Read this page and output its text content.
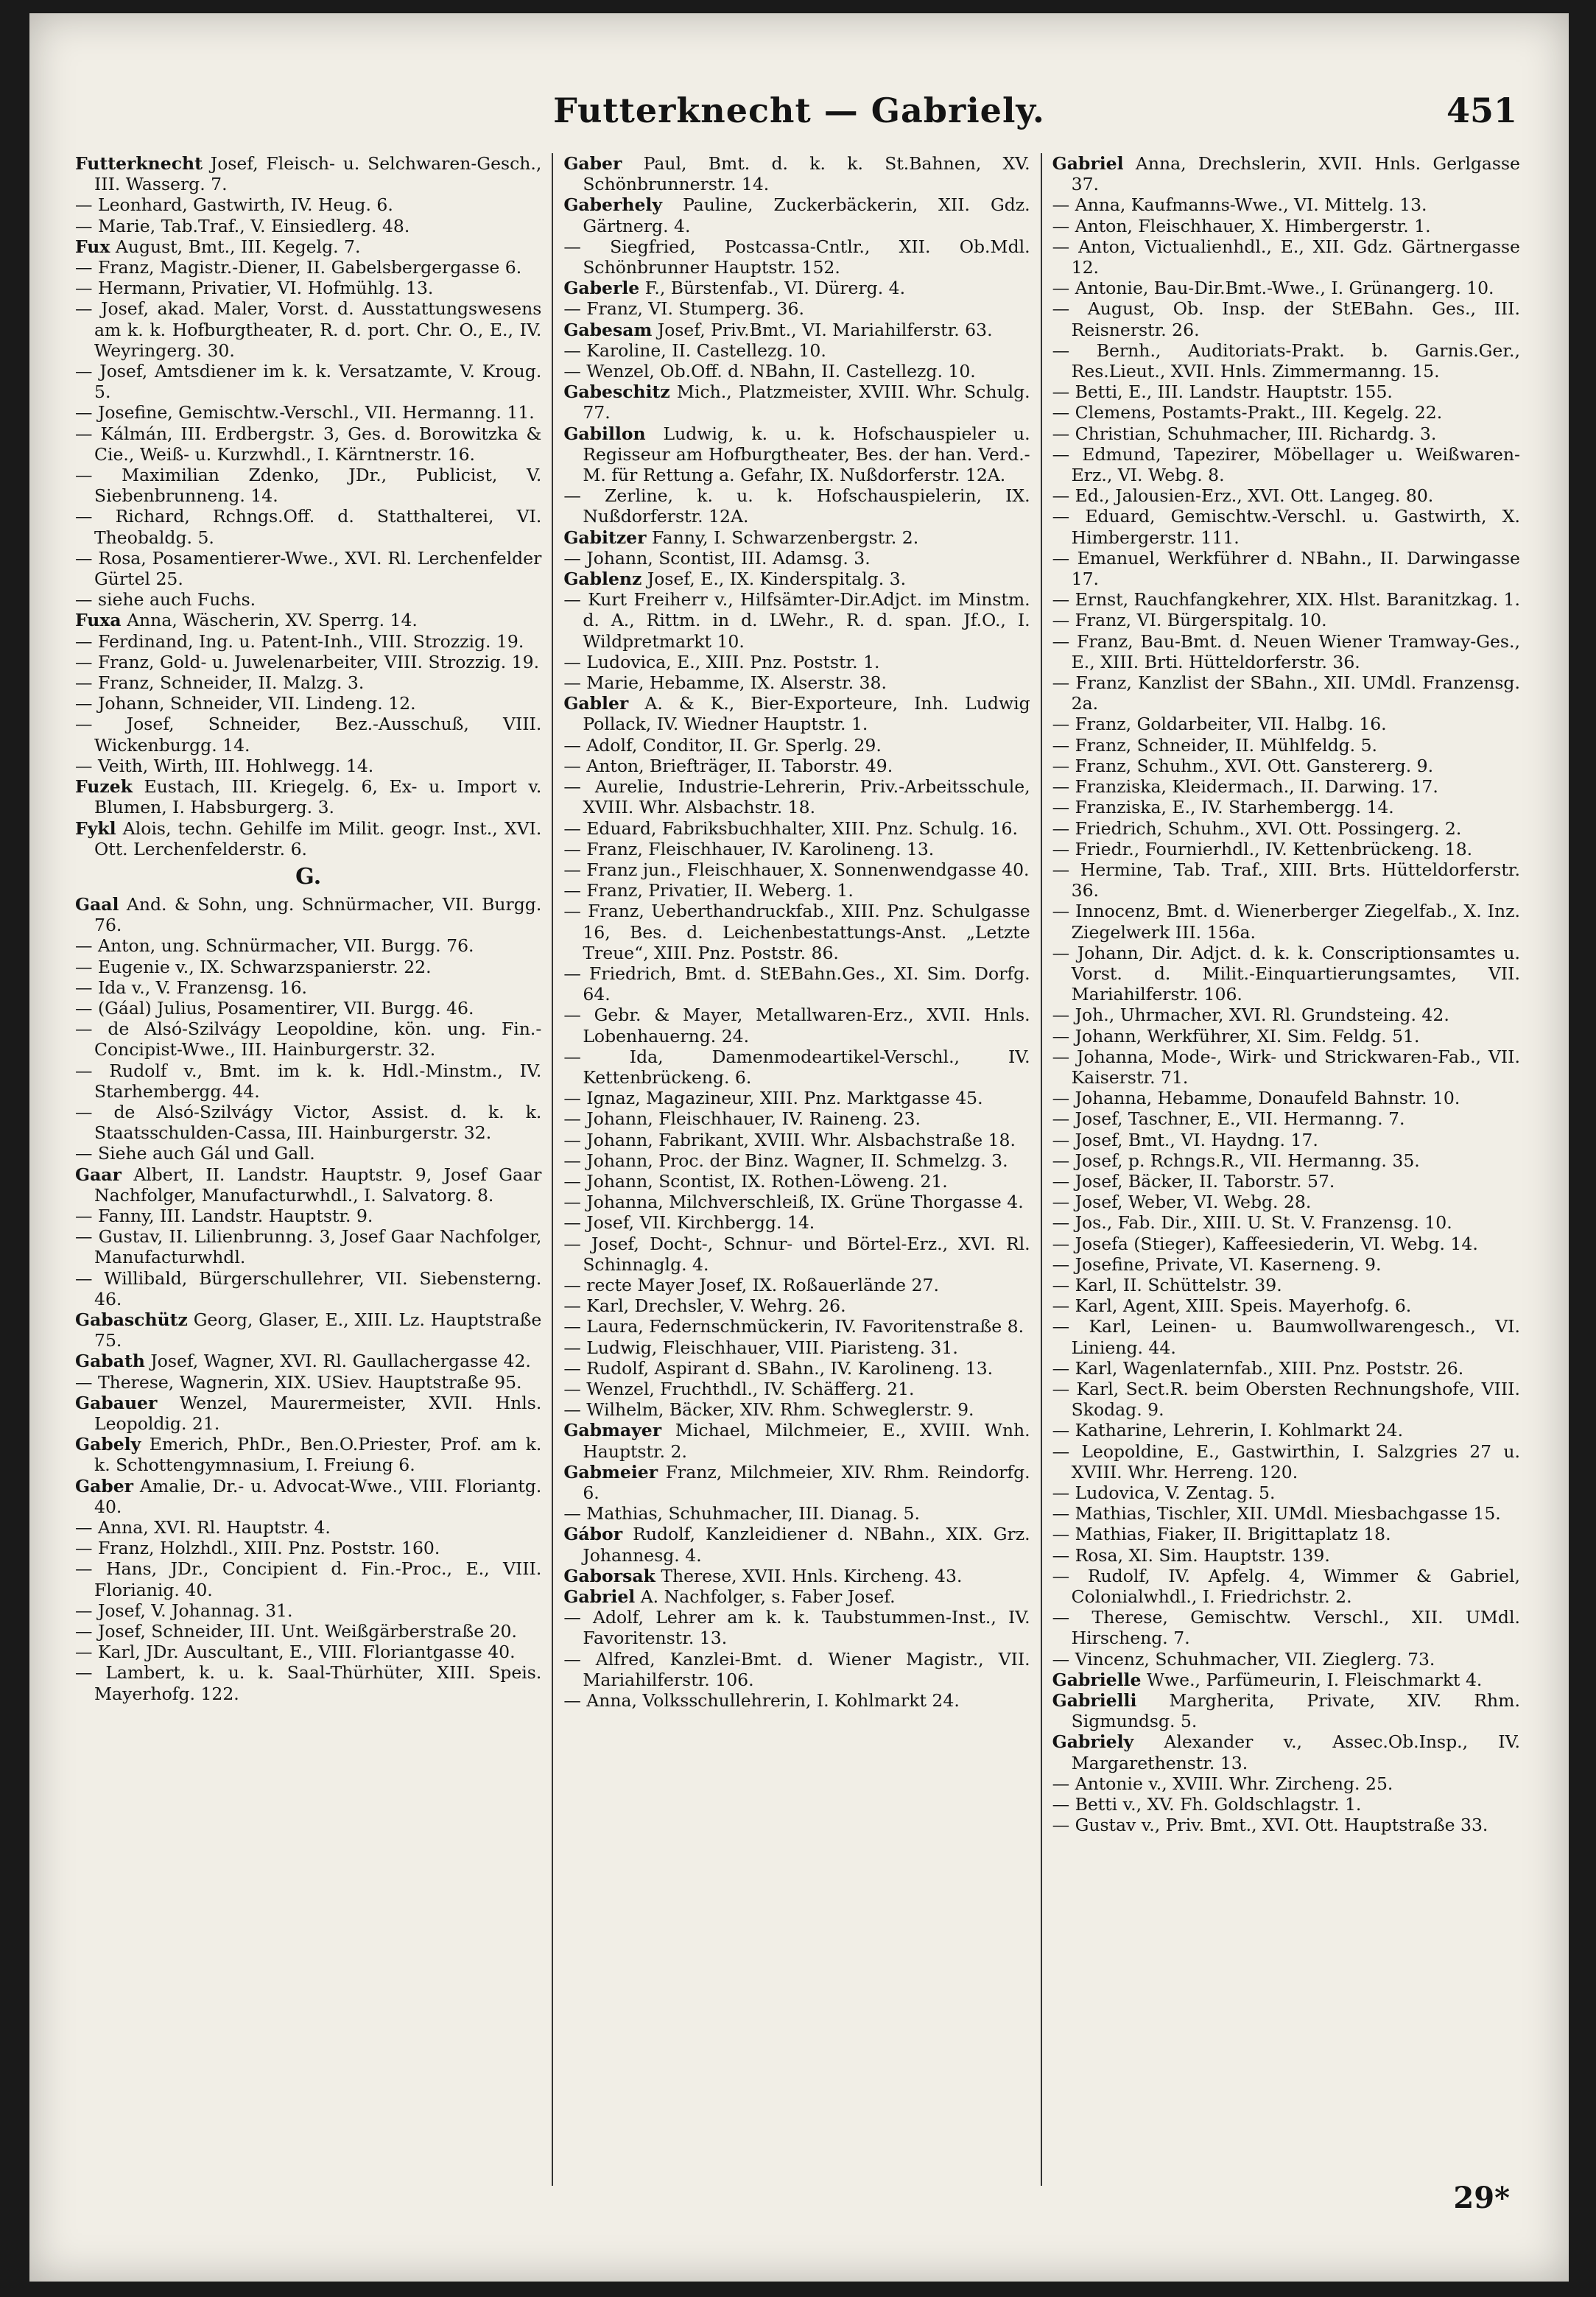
Futterknecht — Gabriely.	451
Futterknecht Josef, Fleisch- u. Selchwaren-Gesch., III. Wasserg. 7.
— Leonhard, Gastwirth, IV. Heug. 6.
— Marie, Tab.Traf., V. Einsiedlerg. 48.
Fux August, Bmt., III. Kegelg. 7.
— Franz, Magistr.-Diener, II. Gabelsbergergasse 6.
— Hermann, Privatier, VI. Hofmühlg. 13.
— Josef, akad. Maler, Vorst. d. Ausstattungswesens am k. k. Hofburgtheater, R. d. port. Chr. O., E., IV. Weyringerg. 30.
— Josef, Amtsdiener im k. k. Versatzamte, V. Kroug. 5.
— Josefine, Gemischtw.-Verschl., VII. Hermanng. 11.
— Kálmán, III. Erdbergstr. 3, Ges. d. Borowitzka & Cie., Weiß- u. Kurzwhdl., I. Kärntnerstr. 16.
— Maximilian Zdenko, JDr., Publicist, V. Siebenbrunneng. 14.
— Richard, Rchngs.Off. d. Statthalterei, VI. Theobaldg. 5.
— Rosa, Posamentierer-Wwe., XVI. Rl. Lerchenfelder Gürtel 25.
— siehe auch Fuchs.
Fuxa Anna, Wäscherin, XV. Sperrg. 14.
— Ferdinand, Ing. u. Patent-Inh., VIII. Strozzig. 19.
— Franz, Gold- u. Juwelenarbeiter, VIII. Strozzig. 19.
— Franz, Schneider, II. Malzg. 3.
— Johann, Schneider, VII. Lindeng. 12.
— Josef, Schneider, Bez.-Ausschuß, VIII. Wickenburgg. 14.
— Veith, Wirth, III. Hohlwegg. 14.
Fuzek Eustach, III. Kriegelg. 6, Ex- u. Import v. Blumen, I. Habsburgerg. 3.
Fykl Alois, techn. Gehilfe im Milit. geogr. Inst., XVI. Ott. Lerchenfelderstr. 6.
G.
Gaal And. & Sohn, ung. Schnürmacher, VII. Burgg. 76.
— Anton, ung. Schnürmacher, VII. Burgg. 76.
— Eugenie v., IX. Schwarzspanierstr. 22.
— Ida v., V. Franzensg. 16.
— (Gáal) Julius, Posamentirer, VII. Burgg. 46.
— de Alsó-Szilvágy Leopoldine, kön. ung. Fin.-Concipist-Wwe., III. Hainburgerstr. 32.
— Rudolf v., Bmt. im k. k. Hdl.-Minstm., IV. Starhembergg. 44.
— de Alsó-Szilvágy Victor, Assist. d. k. k. Staatsschulden-Cassa, III. Hainburgerstr. 32.
— Siehe auch Gál und Gall.
Gaar Albert, II. Landstr. Hauptstr. 9, Josef Gaar Nachfolger, Manufacturwhdl., I. Salvatorg. 8.
— Fanny, III. Landstr. Hauptstr. 9.
— Gustav, II. Lilienbrunng. 3, Josef Gaar Nachfolger, Manufacturwhdl.
— Willibald, Bürgerschullehrer, VII. Siebensterng. 46.
Gabaschütz Georg, Glaser, E., XIII. Lz. Hauptstraße 75.
Gabath Josef, Wagner, XVI. Rl. Gaullachergasse 42.
— Therese, Wagnerin, XIX. USiev. Hauptstraße 95.
Gabauer Wenzel, Maurermeister, XVII. Hnls. Leopoldig. 21.
Gabely Emerich, PhDr., Ben.O.Priester, Prof. am k. k. Schottengymnasium, I. Freiung 6.
Gaber Amalie, Dr.- u. Advocat-Wwe., VIII. Floriantg. 40.
— Anna, XVI. Rl. Hauptstr. 4.
— Franz, Holzhdl., XIII. Pnz. Poststr. 160.
— Hans, JDr., Concipient d. Fin.-Proc., E., VIII. Florianig. 40.
— Josef, V. Johannag. 31.
— Josef, Schneider, III. Unt. Weißgärberstraße 20.
— Karl, JDr. Auscultant, E., VIII. Floriantgasse 40.
— Lambert, k. u. k. Saal-Thürhüter, XIII. Speis. Mayerhofg. 122.
Gaber Paul, Bmt. d. k. k. St.Bahnen, XV. Schönbrunnerstr. 14.
Gaberhely Pauline, Zuckerbäckerin, XII. Gdz. Gärtnerg. 4.
— Siegfried, Postcassa-Cntlr., XII. Ob.Mdl. Schönbrunner Hauptstr. 152.
Gaberle F., Bürstenfab., VI. Dürerg. 4.
— Franz, VI. Stumperg. 36.
Gabesam Josef, Priv.Bmt., VI. Mariahilferstr. 63.
— Karoline, II. Castellezg. 10.
— Wenzel, Ob.Off. d. NBahn, II. Castellezg. 10.
Gabeschitz Mich., Platzmeister, XVIII. Whr. Schulg. 77.
Gabillon Ludwig, k. u. k. Hofschauspieler u. Regisseur am Hofburgtheater, Bes. der han. Verd.-M. für Rettung a. Gefahr, IX. Nußdorferstr. 12A.
— Zerline, k. u. k. Hofschauspielerin, IX. Nußdorferstr. 12A.
Gabitzer Fanny, I. Schwarzenbergstr. 2.
— Johann, Scontist, III. Adamsg. 3.
Gablenz Josef, E., IX. Kinderspitalg. 3.
— Kurt Freiherr v., Hilfsämter-Dir.Adjct. im Minstm. d. A., Rittm. in d. LWehr., R. d. span. Jf.O., I. Wildpretmarkt 10.
— Ludovica, E., XIII. Pnz. Poststr. 1.
— Marie, Hebamme, IX. Alserstr. 38.
Gabler A. & K., Bier-Exporteure, Inh. Ludwig Pollack, IV. Wiedner Hauptstr. 1.
— Adolf, Conditor, II. Gr. Sperlg. 29.
— Anton, Briefträger, II. Taborstr. 49.
— Aurelie, Industrie-Lehrerin, Priv.-Arbeitsschule, XVIII. Whr. Alsbachstr. 18.
— Eduard, Fabriksbuchhalter, XIII. Pnz. Schulg. 16.
— Franz, Fleischhauer, IV. Karolineng. 13.
— Franz jun., Fleischhauer, X. Sonnenwendgasse 40.
— Franz, Privatier, II. Weberg. 1.
— Franz, Ueberthandruckfab., XIII. Pnz. Schulgasse 16, Bes. d. Leichenbestattungs-Anst. „Letzte Treue“, XIII. Pnz. Poststr. 86.
— Friedrich, Bmt. d. StEBahn.Ges., XI. Sim. Dorfg. 64.
— Gebr. & Mayer, Metallwaren-Erz., XVII. Hnls. Lobenhauerng. 24.
— Ida, Damenmodeartikel-Verschl., IV. Kettenbrückeng. 6.
— Ignaz, Magazineur, XIII. Pnz. Marktgasse 45.
— Johann, Fleischhauer, IV. Raineng. 23.
— Johann, Fabrikant, XVIII. Whr. Alsbachstraße 18.
— Johann, Proc. der Binz. Wagner, II. Schmelzg. 3.
— Johann, Scontist, IX. Rothen-Löweng. 21.
— Johanna, Milchverschleiß, IX. Grüne Thorgasse 4.
— Josef, VII. Kirchbergg. 14.
— Josef, Docht-, Schnur- und Börtel-Erz., XVI. Rl. Schinnaglg. 4.
— recte Mayer Josef, IX. Roßauerlände 27.
— Karl, Drechsler, V. Wehrg. 26.
— Laura, Federnschmückerin, IV. Favoritenstraße 8.
— Ludwig, Fleischhauer, VIII. Piaristeng. 31.
— Rudolf, Aspirant d. SBahn., IV. Karolineng. 13.
— Wenzel, Fruchthdl., IV. Schäfferg. 21.
— Wilhelm, Bäcker, XIV. Rhm. Schweglerstr. 9.
Gabmayer Michael, Milchmeier, E., XVIII. Wnh. Hauptstr. 2.
Gabmeier Franz, Milchmeier, XIV. Rhm. Reindorfg. 6.
— Mathias, Schuhmacher, III. Dianag. 5.
Gábor Rudolf, Kanzleidiener d. NBahn., XIX. Grz. Johannesg. 4.
Gaborsak Therese, XVII. Hnls. Kircheng. 43.
Gabriel A. Nachfolger, s. Faber Josef.
— Adolf, Lehrer am k. k. Taubstummen-Inst., IV. Favoritenstr. 13.
— Alfred, Kanzlei-Bmt. d. Wiener Magistr., VII. Mariahilferstr. 106.
— Anna, Volksschullehrerin, I. Kohlmarkt 24.
Gabriel Anna, Drechslerin, XVII. Hnls. Gerlgasse 37.
— Anna, Kaufmanns-Wwe., VI. Mittelg. 13.
— Anton, Fleischhauer, X. Himbergerstr. 1.
— Anton, Victualienhdl., E., XII. Gdz. Gärtnergasse 12.
— Antonie, Bau-Dir.Bmt.-Wwe., I. Grünangerg. 10.
— August, Ob. Insp. der StEBahn. Ges., III. Reisnerstr. 26.
— Bernh., Auditoriats-Prakt. b. Garnis.Ger., Res.Lieut., XVII. Hnls. Zimmermanng. 15.
— Betti, E., III. Landstr. Hauptstr. 155.
— Clemens, Postamts-Prakt., III. Kegelg. 22.
— Christian, Schuhmacher, III. Richardg. 3.
— Edmund, Tapezirer, Möbellager u. Weißwaren-Erz., VI. Webg. 8.
— Ed., Jalousien-Erz., XVI. Ott. Langeg. 80.
— Eduard, Gemischtw.-Verschl. u. Gastwirth, X. Himbergerstr. 111.
— Emanuel, Werkführer d. NBahn., II. Darwingasse 17.
— Ernst, Rauchfangkehrer, XIX. Hlst. Baranitzkag. 1.
— Franz, VI. Bürgerspitalg. 10.
— Franz, Bau-Bmt. d. Neuen Wiener Tramway-Ges., E., XIII. Brti. Hütteldorferstr. 36.
— Franz, Kanzlist der SBahn., XII. UMdl. Franzensg. 2a.
— Franz, Goldarbeiter, VII. Halbg. 16.
— Franz, Schneider, II. Mühlfeldg. 5.
— Franz, Schuhm., XVI. Ott. Ganstererg. 9.
— Franziska, Kleidermach., II. Darwing. 17.
— Franziska, E., IV. Starhembergg. 14.
— Friedrich, Schuhm., XVI. Ott. Possingerg. 2.
— Friedr., Fournierhdl., IV. Kettenbrückeng. 18.
— Hermine, Tab. Traf., XIII. Brts. Hütteldorferstr. 36.
— Innocenz, Bmt. d. Wienerberger Ziegelfab., X. Inz. Ziegelwerk III. 156a.
— Johann, Dir. Adjct. d. k. k. Conscriptionsamtes u. Vorst. d. Milit.-Einquartierungsamtes, VII. Mariahilferstr. 106.
— Joh., Uhrmacher, XVI. Rl. Grundsteing. 42.
— Johann, Werkführer, XI. Sim. Feldg. 51.
— Johanna, Mode-, Wirk- und Strickwaren-Fab., VII. Kaiserstr. 71.
— Johanna, Hebamme, Donaufeld Bahnstr. 10.
— Josef, Taschner, E., VII. Hermanng. 7.
— Josef, Bmt., VI. Haydng. 17.
— Josef, p. Rchngs.R., VII. Hermanng. 35.
— Josef, Bäcker, II. Taborstr. 57.
— Josef, Weber, VI. Webg. 28.
— Jos., Fab. Dir., XIII. U. St. V. Franzensg. 10.
— Josefa (Stieger), Kaffeesiederin, VI. Webg. 14.
— Josefine, Private, VI. Kaserneng. 9.
— Karl, II. Schüttelstr. 39.
— Karl, Agent, XIII. Speis. Mayerhofg. 6.
— Karl, Leinen- u. Baumwollwarengesch., VI. Linieng. 44.
— Karl, Wagenlaternfab., XIII. Pnz. Poststr. 26.
— Karl, Sect.R. beim Obersten Rechnungshofe, VIII. Skodag. 9.
— Katharine, Lehrerin, I. Kohlmarkt 24.
— Leopoldine, E., Gastwirthin, I. Salzgries 27 u. XVIII. Whr. Herreng. 120.
— Ludovica, V. Zentag. 5.
— Mathias, Tischler, XII. UMdl. Miesbachgasse 15.
— Mathias, Fiaker, II. Brigittaplatz 18.
— Rosa, XI. Sim. Hauptstr. 139.
— Rudolf, IV. Apfelg. 4, Wimmer & Gabriel, Colonialwhdl., I. Friedrichstr. 2.
— Therese, Gemischtw. Verschl., XII. UMdl. Hirscheng. 7.
— Vincenz, Schuhmacher, VII. Zieglerg. 73.
Gabrielle Wwe., Parfümeurin, I. Fleischmarkt 4.
Gabrielli Margherita, Private, XIV. Rhm. Sigmundsg. 5.
Gabriely Alexander v., Assec.Ob.Insp., IV. Margarethenstr. 13.
— Antonie v., XVIII. Whr. Zircheng. 25.
— Betti v., XV. Fh. Goldschlagstr. 1.
— Gustav v., Priv. Bmt., XVI. Ott. Hauptstraße 33.
29*
